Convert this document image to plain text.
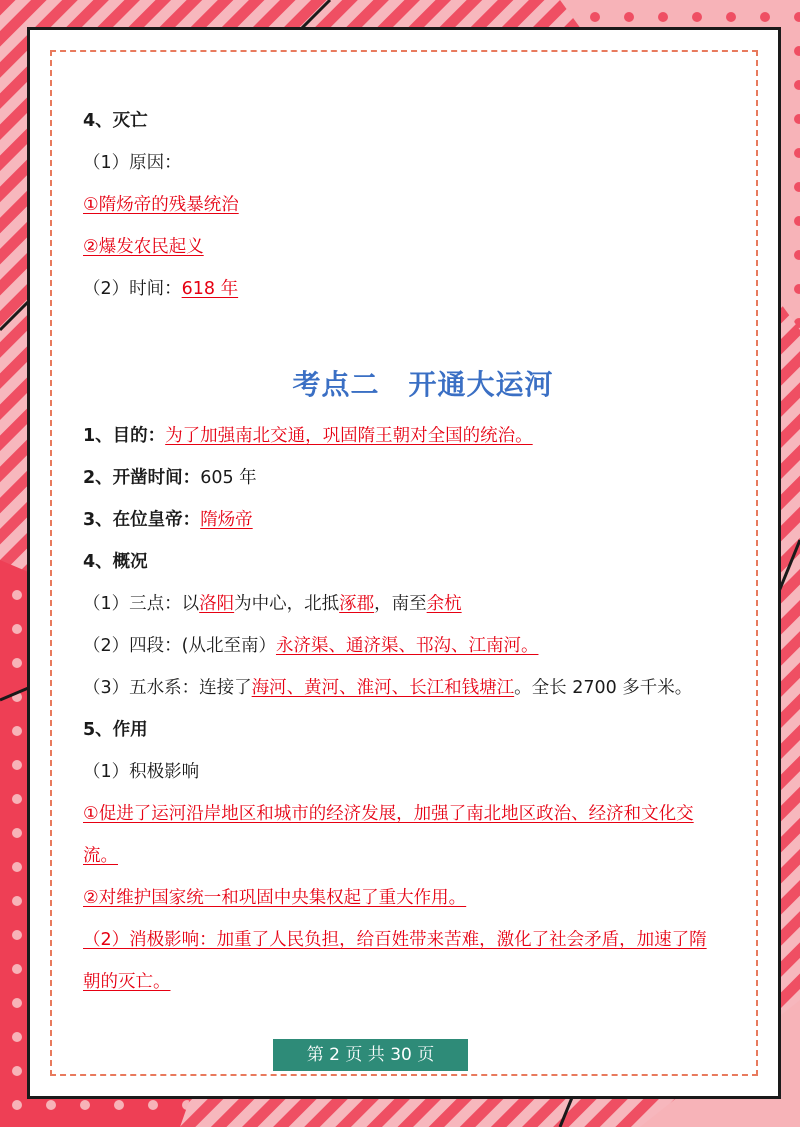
4、灭亡
（1）原因：
①隋炀帝的残暴统治
②爆发农民起义
（2）时间：618 年
考点二　开通大运河
1、目的：为了加强南北交通，巩固隋王朝对全国的统治。
2、开凿时间：605 年
3、在位皇帝：隋炀帝
4、概况
（1）三点：以洛阳为中心，北抵涿郡，南至余杭
（2）四段：(从北至南）永济渠、通济渠、邗沟、江南河。
（3）五水系：连接了海河、黄河、淮河、长江和钱塘江。全长 2700 多千米。
5、作用
（1）积极影响
①促进了运河沿岸地区和城市的经济发展，加强了南北地区政治、经济和文化交
流。
②对维护国家统一和巩固中央集权起了重大作用。
（2）消极影响：加重了人民负担，给百姓带来苦难，激化了社会矛盾，加速了隋
朝的灭亡。
第 2 页 共 30 页
